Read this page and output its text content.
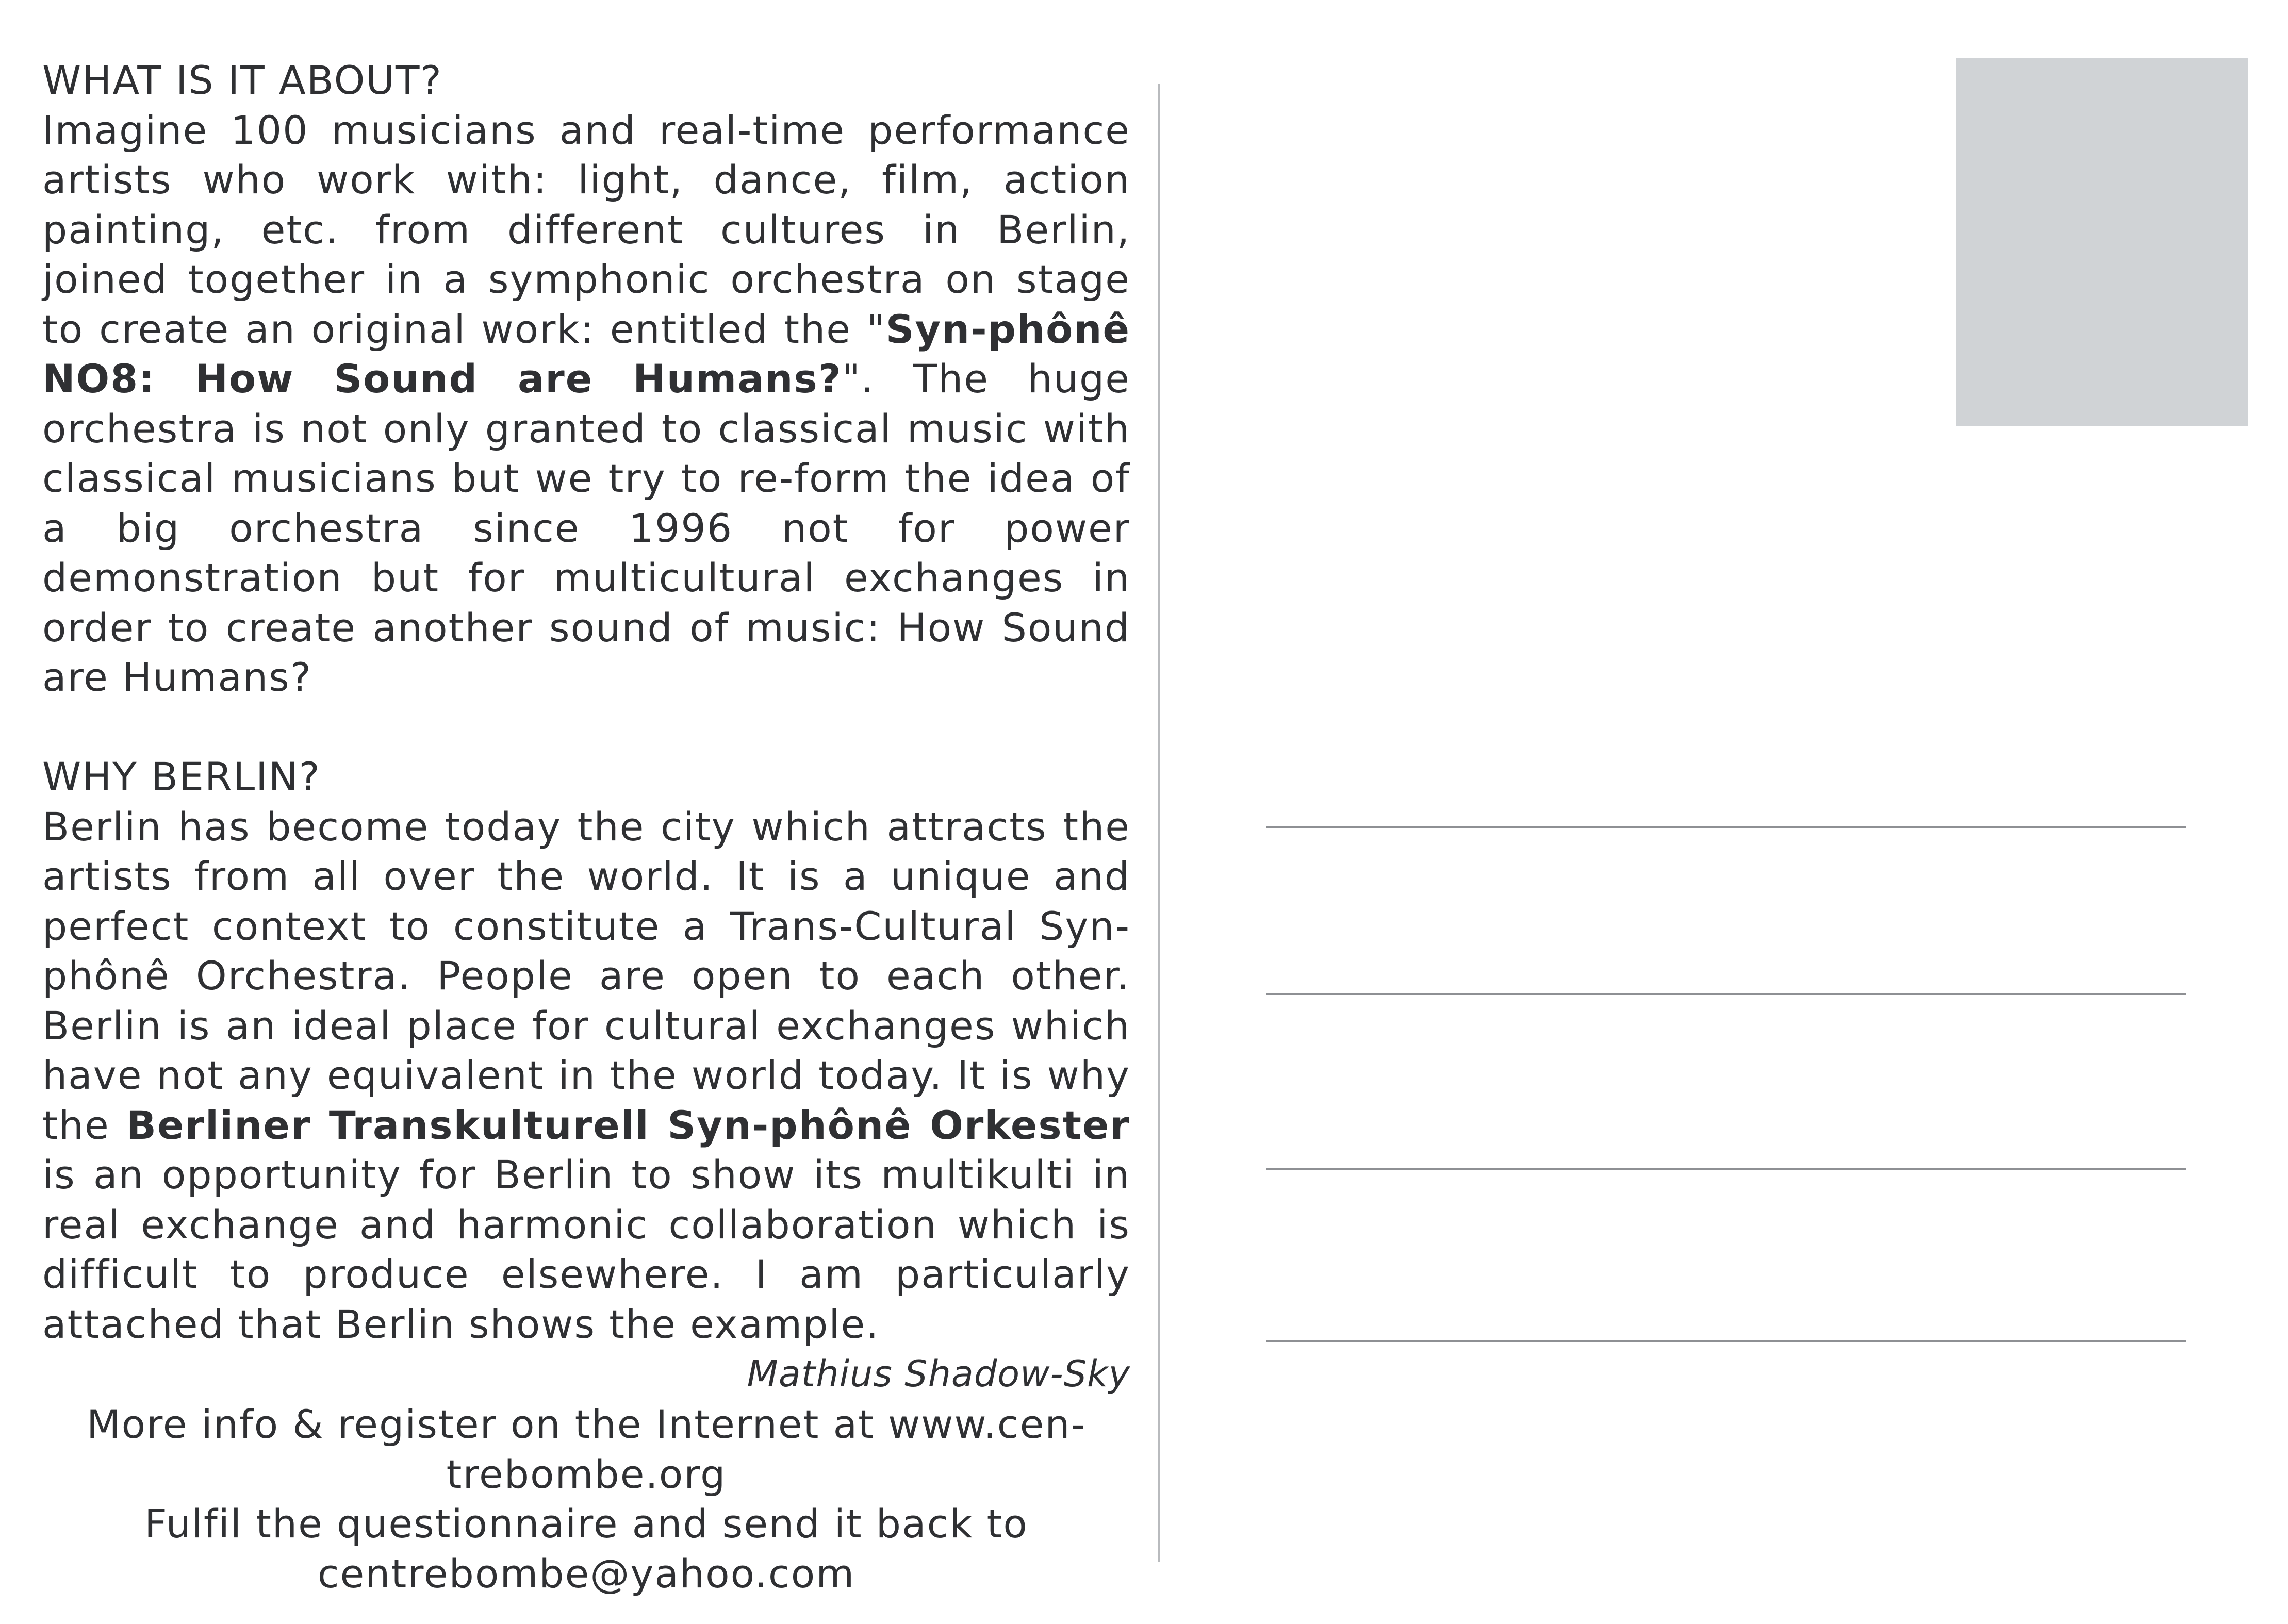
WHAT IS IT ABOUT?

Imagine 100 musicians and real-time performance artists who work with: light, dance, film, action painting, etc. from different cultures in Berlin, joined together in a symphonic orchestra on stage to create an original work: entitled the "Syn-phônê NO8: How Sound are Humans?". The huge orchestra is not only granted to classical music with classical musicians but we try to re-form the idea of a big orchestra since 1996 not for power demonstration but for multicultural exchanges in order to create another sound of music: How Sound are Humans?

WHY BERLIN?

Berlin has become today the city which attracts the artists from all over the world. It is a unique and perfect context to constitute a Trans-Cultural Syn-phônê Orchestra. People are open to each other. Berlin is an ideal place for cultural exchanges which have not any equivalent in the world today. It is why the Berliner Transkulturell Syn-phônê Orkester is an opportunity for Berlin to show its multikulti in real exchange and harmonic collaboration which is difficult to produce elsewhere. I am particularly attached that Berlin shows the example.

Mathius Shadow-Sky

More info & register on the Internet at www.cen-trebombe.org

Fulfil the questionnaire and send it back to centrebombe@yahoo.com
